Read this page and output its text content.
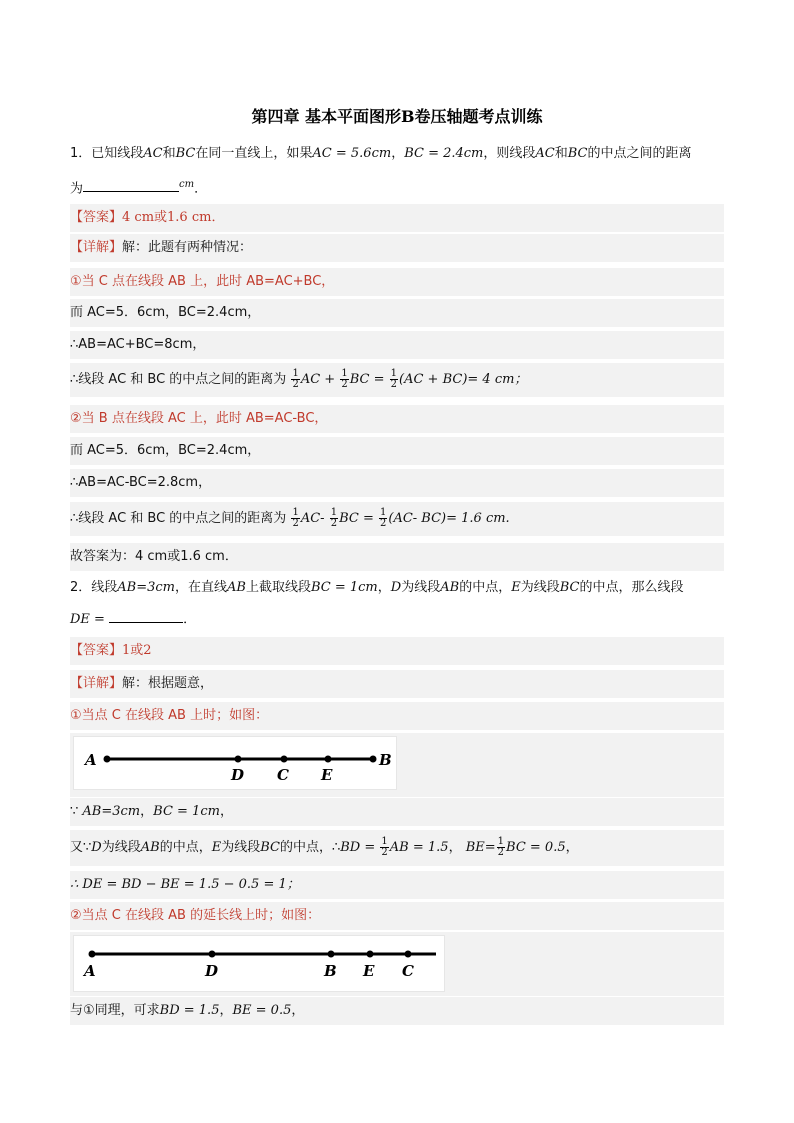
第四章 基本平面图形B卷压轴题考点训练
1．已知线段AC和BC在同一直线上，如果AC = 5.6cm，BC = 2.4cm，则线段AC和BC的中点之间的距离
为	$^{cm}$．
【答案】4 cm或1.6 cm．
【详解】解：此题有两种情况：
①当 C 点在线段 AB 上，此时 AB=AC+BC，
而 AC=5．6cm，BC=2.4cm，
∴AB=AC+BC=8cm，
∴线段 AC 和 BC 的中点之间的距离为 $\frac{1}{2}$ AC + $\frac{1}{2}$ BC = $\frac{1}{2} (AC + BC)= 4$ cm；
②当 B 点在线段 AC 上，此时 AB=AC-BC，
而 AC=5．6cm，BC=2.4cm，
∴AB=AC-BC=2.8cm，
∴线段 AC 和 BC 的中点之间的距离为 $\frac{1}{2} AC- \frac{1}{2}$ BC = $\frac{1}{2} (AC-$ BC)= 1.6 cm.
故答案为：4 cm或1.6 cm．
2．线段AB=3cm，在直线AB上截取线段BC = 1cm，D为线段AB的中点，E为线段BC的中点，那么线段
DE =	．
【答案】1或2
【详解】解：根据题意，
①当点 C 在线段 AB 上时；如图：
A
D C E
B
∵ AB=3cm，BC = 1cm，
又∵D为线段AB的中点，E为线段BC的中点，∴BD = $\frac{1}{2}$ AB = 1.5， $BE= \frac{1}{2}$ BC = 0.5，
∴ DE = BD − BE = 1.5 − 0.5 = 1；
②当点 C 在线段 AB 的延长线上时；如图：
A	D	B E C
与①同理，可求BD = 1.5，BE = 0.5，
